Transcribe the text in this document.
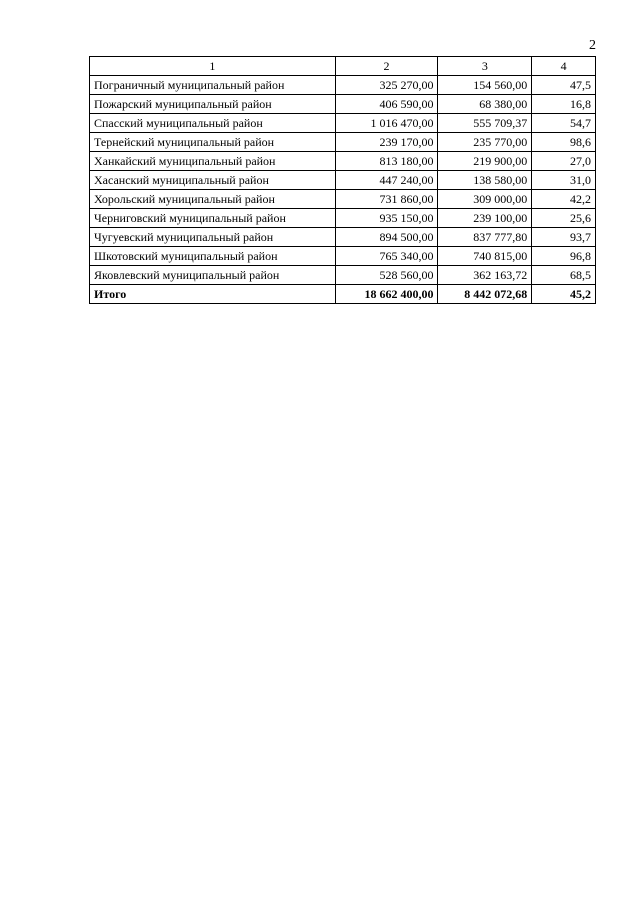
2
1	2	3	4
Пограничный муниципальный район	325 270,00	154 560,00	47,5
Пожарский муниципальный район	406 590,00	68 380,00	16,8
Спасский муниципальный район	1 016 470,00	555 709,37	54,7
Тернейский муниципальный район	239 170,00	235 770,00	98,6
Ханкайский муниципальный район	813 180,00	219 900,00	27,0
Хасанский муниципальный район	447 240,00	138 580,00	31,0
Хорольский муниципальный район	731 860,00	309 000,00	42,2
Черниговский муниципальный район	935 150,00	239 100,00	25,6
Чугуевский муниципальный район	894 500,00	837 777,80	93,7
Шкотовский муниципальный район	765 340,00	740 815,00	96,8
Яковлевский муниципальный район	528 560,00	362 163,72	68,5
Итого	18 662 400,00	8 442 072,68	45,2
